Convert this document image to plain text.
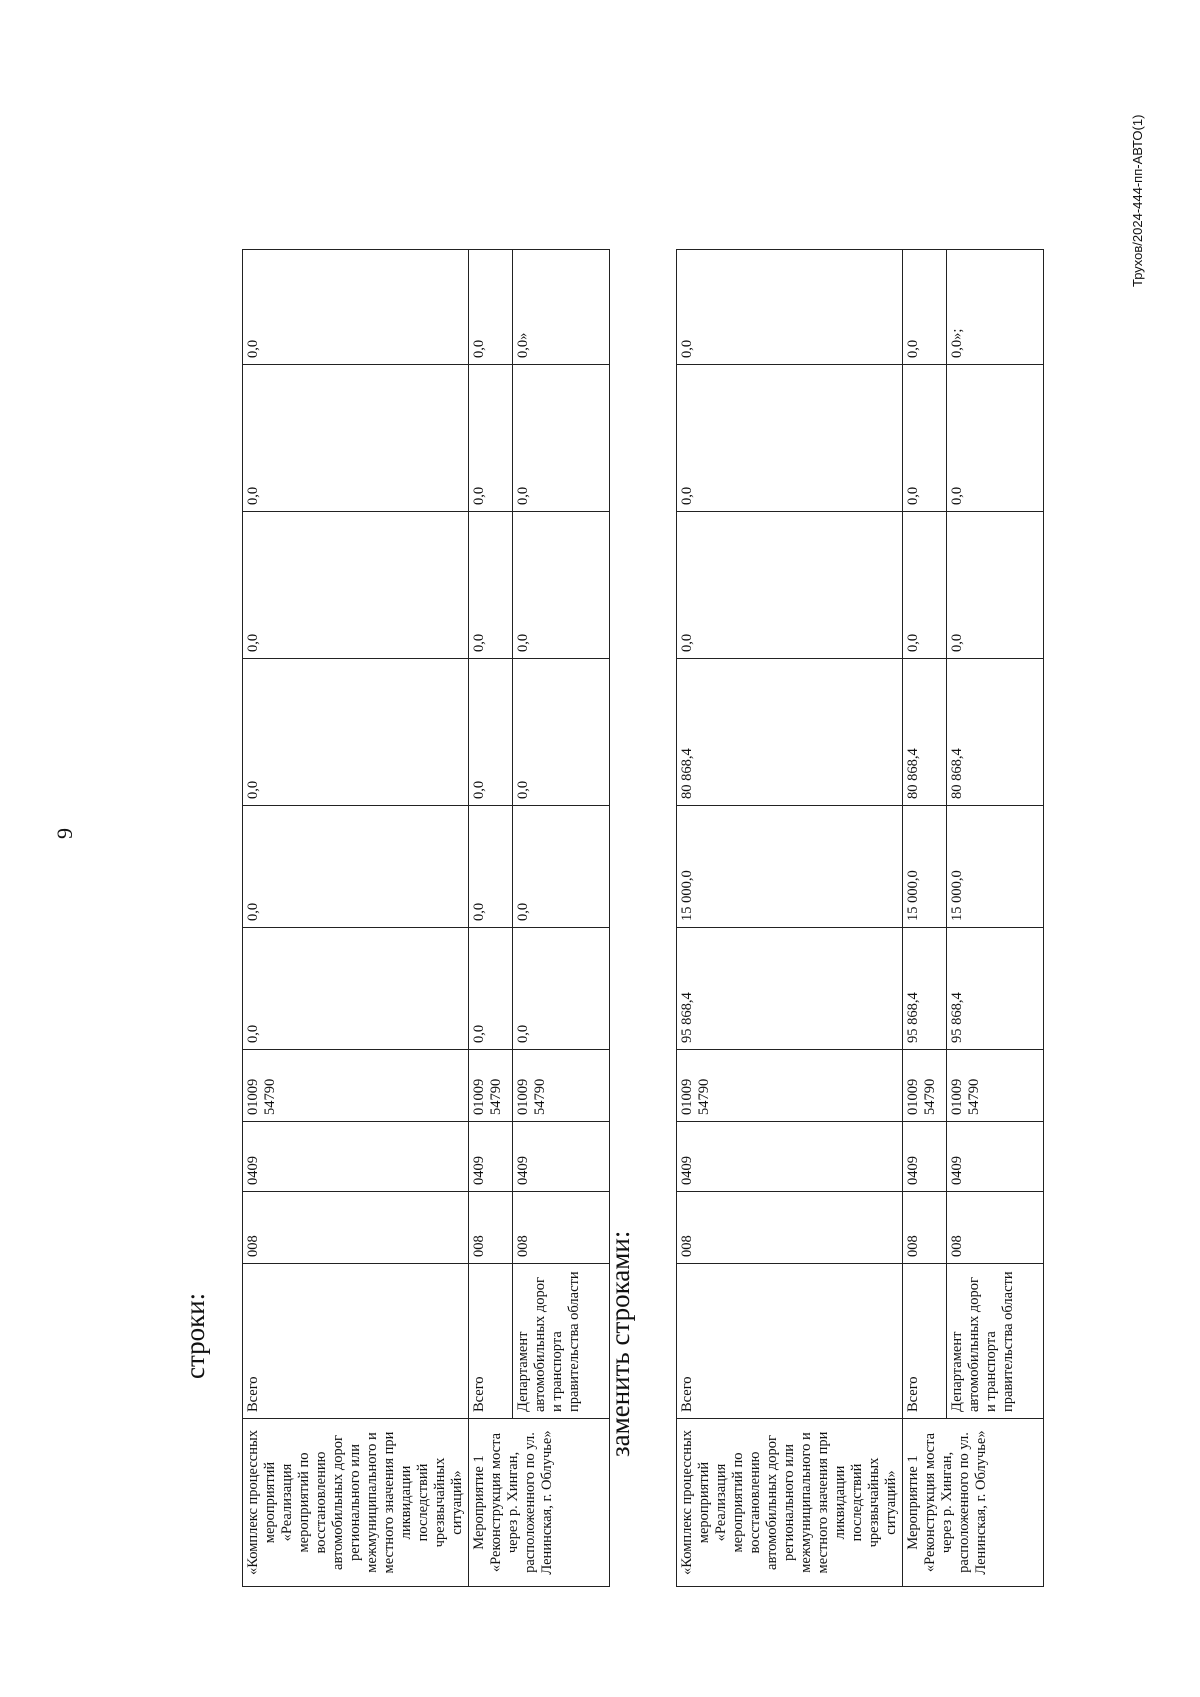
9
строки:
«Комплекс процессных мероприятий «Реализация мероприятий по восстановлению автомобильных дорог регионального или межмуниципального и местного значения при ликвидации последствий чрезвычайных ситуаций»	Всего	008	0409	01009 54790	0,0	0,0	0,0	0,0	0,0	0,0
Мероприятие 1 «Реконструкция моста через р. Хинган, расположенного по ул. Ленинская, г. Облучье»	Всего	008	0409	01009 54790	0,0	0,0	0,0	0,0	0,0	0,0
	Департамент автомобильных дорог и транспорта правительства области	008	0409	01009 54790	0,0	0,0	0,0	0,0	0,0	0,0»
заменить строками:
«Комплекс процессных мероприятий «Реализация мероприятий по восстановлению автомобильных дорог регионального или межмуниципального и местного значения при ликвидации последствий чрезвычайных ситуаций»	Всего	008	0409	01009 54790	95 868,4	15 000,0	80 868,4	0,0	0,0	0,0
Мероприятие 1 «Реконструкция моста через р. Хинган, расположенного по ул. Ленинская, г. Облучье»	Всего	008	0409	01009 54790	95 868,4	15 000,0	80 868,4	0,0	0,0	0,0
	Департамент автомобильных дорог и транспорта правительства области	008	0409	01009 54790	95 868,4	15 000,0	80 868,4	0,0	0,0	0,0»;
Трухов/2024-444-пп-АВТО(1)
